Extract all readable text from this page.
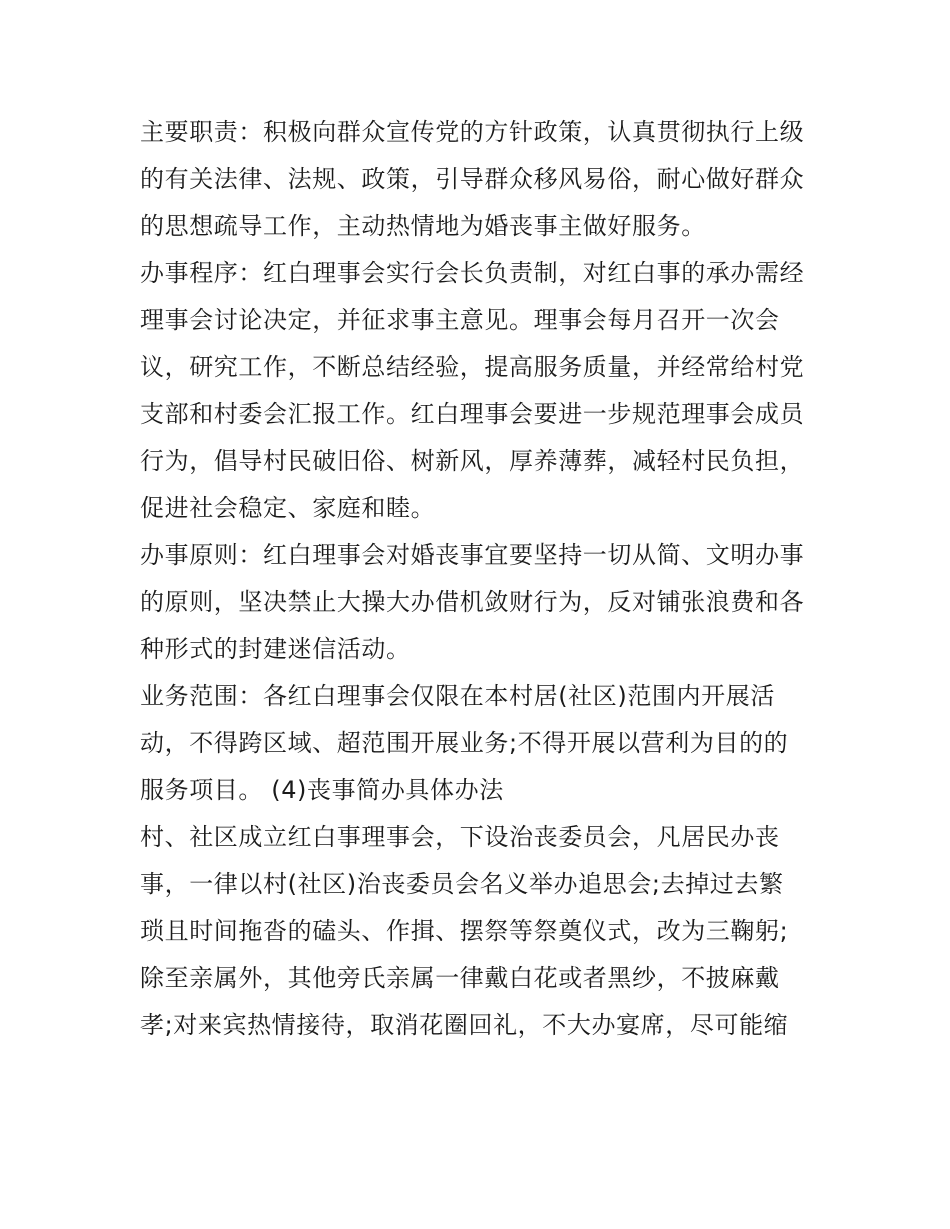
主要职责：积极向群众宣传党的方针政策，认真贯彻执行上级
的有关法律、法规、政策，引导群众移风易俗，耐心做好群众
的思想疏导工作，主动热情地为婚丧事主做好服务。
办事程序：红白理事会实行会长负责制，对红白事的承办需经
理事会讨论决定，并征求事主意见。理事会每月召开一次会
议，研究工作，不断总结经验，提高服务质量，并经常给村党
支部和村委会汇报工作。红白理事会要进一步规范理事会成员
行为，倡导村民破旧俗、树新风，厚养薄葬，减轻村民负担，
促进社会稳定、家庭和睦。
办事原则：红白理事会对婚丧事宜要坚持一切从简、文明办事
的原则，坚决禁止大操大办借机敛财行为，反对铺张浪费和各
种形式的封建迷信活动。
业务范围：各红白理事会仅限在本村居(社区)范围内开展活
动，不得跨区域、超范围开展业务;不得开展以营利为目的的
服务项目。 (4)丧事简办具体办法
村、社区成立红白事理事会，下设治丧委员会，凡居民办丧
事，一律以村(社区)治丧委员会名义举办追思会;去掉过去繁
琐且时间拖沓的磕头、作揖、摆祭等祭奠仪式，改为三鞠躬;
除至亲属外，其他旁氏亲属一律戴白花或者黑纱，不披麻戴
孝;对来宾热情接待，取消花圈回礼，不大办宴席，尽可能缩
